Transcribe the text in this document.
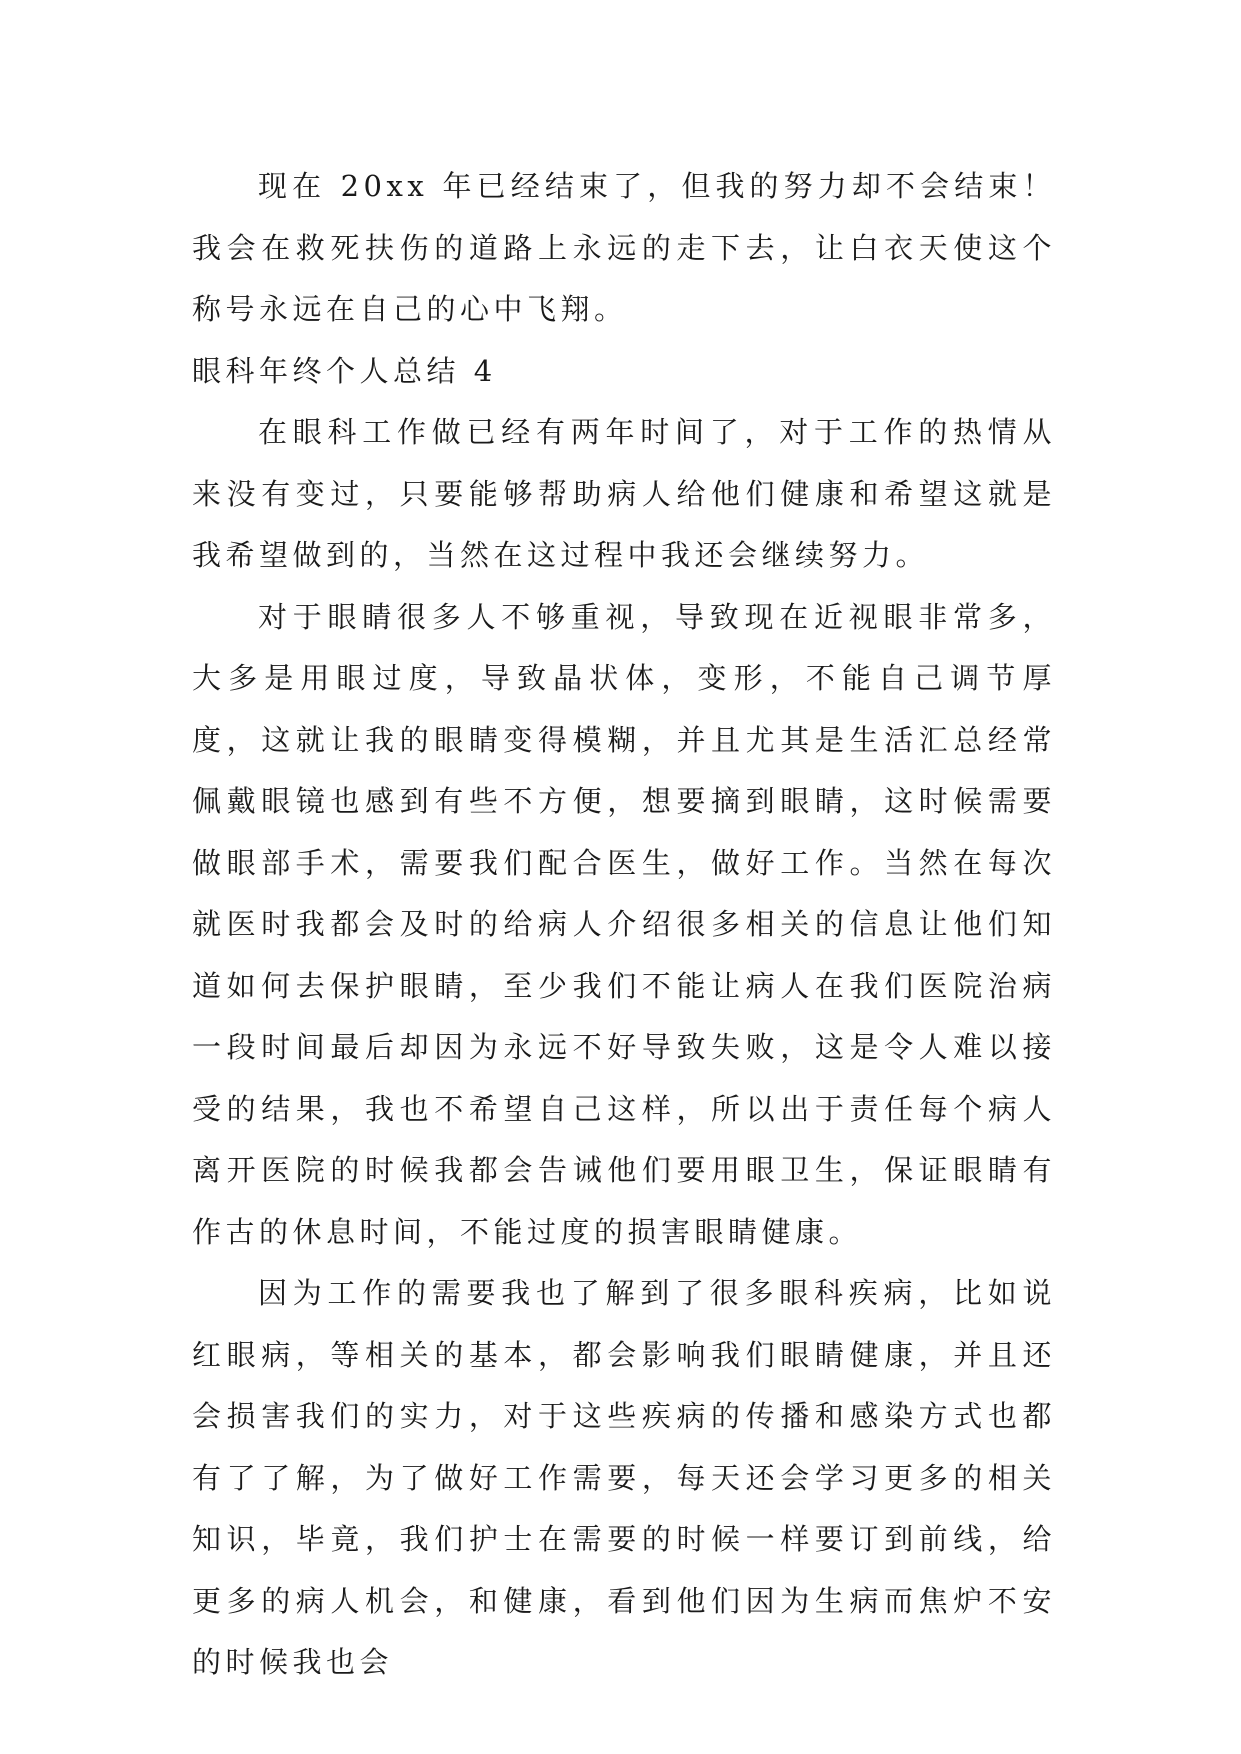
现在 20xx 年已经结束了，但我的努力却不会结束！我会在救死扶伤的道路上永远的走下去，让白衣天使这个称号永远在自己的心中飞翔。

眼科年终个人总结 4

在眼科工作做已经有两年时间了，对于工作的热情从来没有变过，只要能够帮助病人给他们健康和希望这就是我希望做到的，当然在这过程中我还会继续努力。

对于眼睛很多人不够重视，导致现在近视眼非常多，大多是用眼过度，导致晶状体，变形，不能自己调节厚度，这就让我的眼睛变得模糊，并且尤其是生活汇总经常佩戴眼镜也感到有些不方便，想要摘到眼睛，这时候需要做眼部手术，需要我们配合医生，做好工作。当然在每次就医时我都会及时的给病人介绍很多相关的信息让他们知道如何去保护眼睛，至少我们不能让病人在我们医院治病一段时间最后却因为永远不好导致失败，这是令人难以接受的结果，我也不希望自己这样，所以出于责任每个病人离开医院的时候我都会告诫他们要用眼卫生，保证眼睛有作古的休息时间，不能过度的损害眼睛健康。

因为工作的需要我也了解到了很多眼科疾病，比如说红眼病，等相关的基本，都会影响我们眼睛健康，并且还会损害我们的实力，对于这些疾病的传播和感染方式也都有了了解，为了做好工作需要，每天还会学习更多的相关知识，毕竟，我们护士在需要的时候一样要订到前线，给更多的病人机会，和健康，看到他们因为生病而焦炉不安的时候我也会
